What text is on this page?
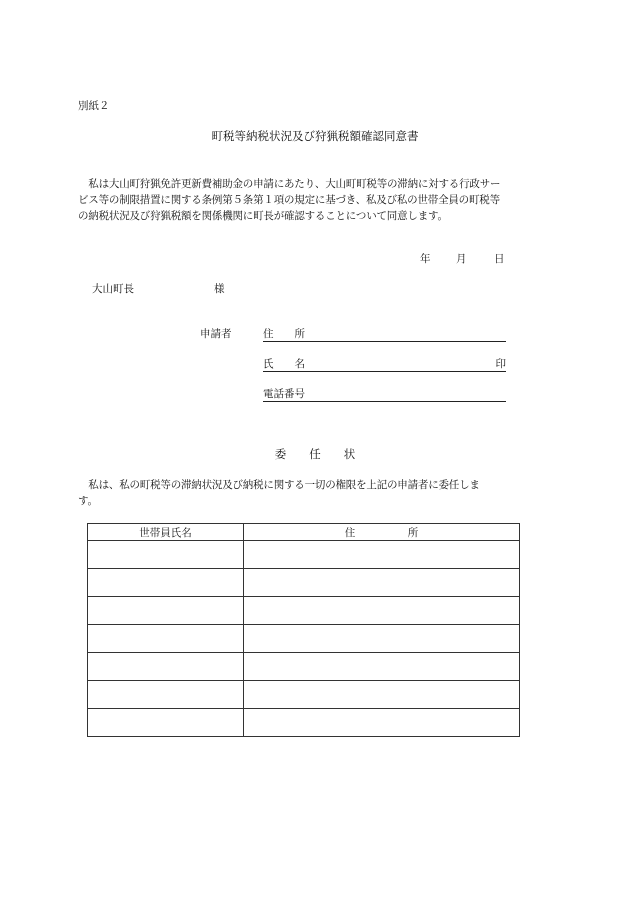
別紙２
町税等納税状況及び狩猟税額確認同意書
　私は大山町狩猟免許更新費補助金の申請にあたり、大山町町税等の滞納に対する行政サー
ビス等の制限措置に関する条例第５条第１項の規定に基づき、私及び私の世帯全員の町税等
の納税状況及び狩猟税額を関係機関に町長が確認することについて同意します。
年 月	日
大山町長	様
申請者	住　　所
氏　　名	印
電話番号
委　　任　　状
　私は、私の町税等の滞納状況及び納税に関する一切の権限を上記の申請者に委任しま
す。
世帯員氏名	住　　　　　所
